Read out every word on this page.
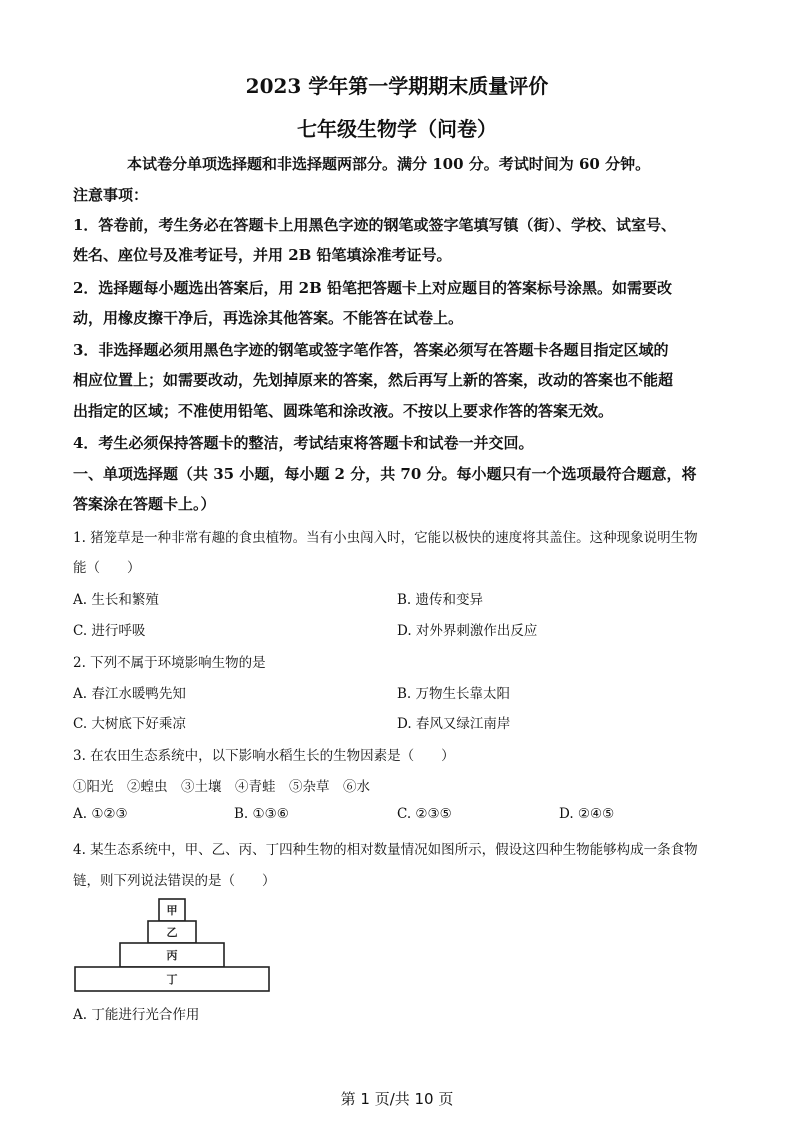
2023 学年第一学期期末质量评价
七年级生物学（问卷）
本试卷分单项选择题和非选择题两部分。满分 100 分。考试时间为 60 分钟。
注意事项：
1．答卷前，考生务必在答题卡上用黑色字迹的钢笔或签字笔填写镇（街）、学校、试室号、
姓名、座位号及准考证号，并用 2B 铅笔填涂准考证号。
2．选择题每小题选出答案后，用 2B 铅笔把答题卡上对应题目的答案标号涂黑。如需要改
动，用橡皮擦干净后，再选涂其他答案。不能答在试卷上。
3．非选择题必须用黑色字迹的钢笔或签字笔作答，答案必须写在答题卡各题目指定区域的
相应位置上；如需要改动，先划掉原来的答案，然后再写上新的答案，改动的答案也不能超
出指定的区域；不准使用铅笔、圆珠笔和涂改液。不按以上要求作答的答案无效。
4．考生必须保持答题卡的整洁，考试结束将答题卡和试卷一并交回。
一、单项选择题（共 35 小题，每小题 2 分，共 70 分。每小题只有一个选项最符合题意，将
答案涂在答题卡上。）
1. 猪笼草是一种非常有趣的食虫植物。当有小虫闯入时，它能以极快的速度将其盖住。这种现象说明生物
能（　　）
A. 生长和繁殖	B. 遗传和变异
C. 进行呼吸	D. 对外界刺激作出反应
2. 下列不属于环境影响生物的是
A. 春江水暖鸭先知	B. 万物生长靠太阳
C. 大树底下好乘凉	D. 春风又绿江南岸
3. 在农田生态系统中，以下影响水稻生长的生物因素是（　　）
①阳光　②蝗虫　③土壤　④青蛙　⑤杂草　⑥水
A. ①②③	B. ①③⑥	C. ②③⑤	D. ②④⑤
4. 某生态系统中，甲、乙、丙、丁四种生物的相对数量情况如图所示，假设这四种生物能够构成一条食物
链，则下列说法错误的是（　　）
甲
乙
丙
丁
A. 丁能进行光合作用
第 1 页/共 10 页
